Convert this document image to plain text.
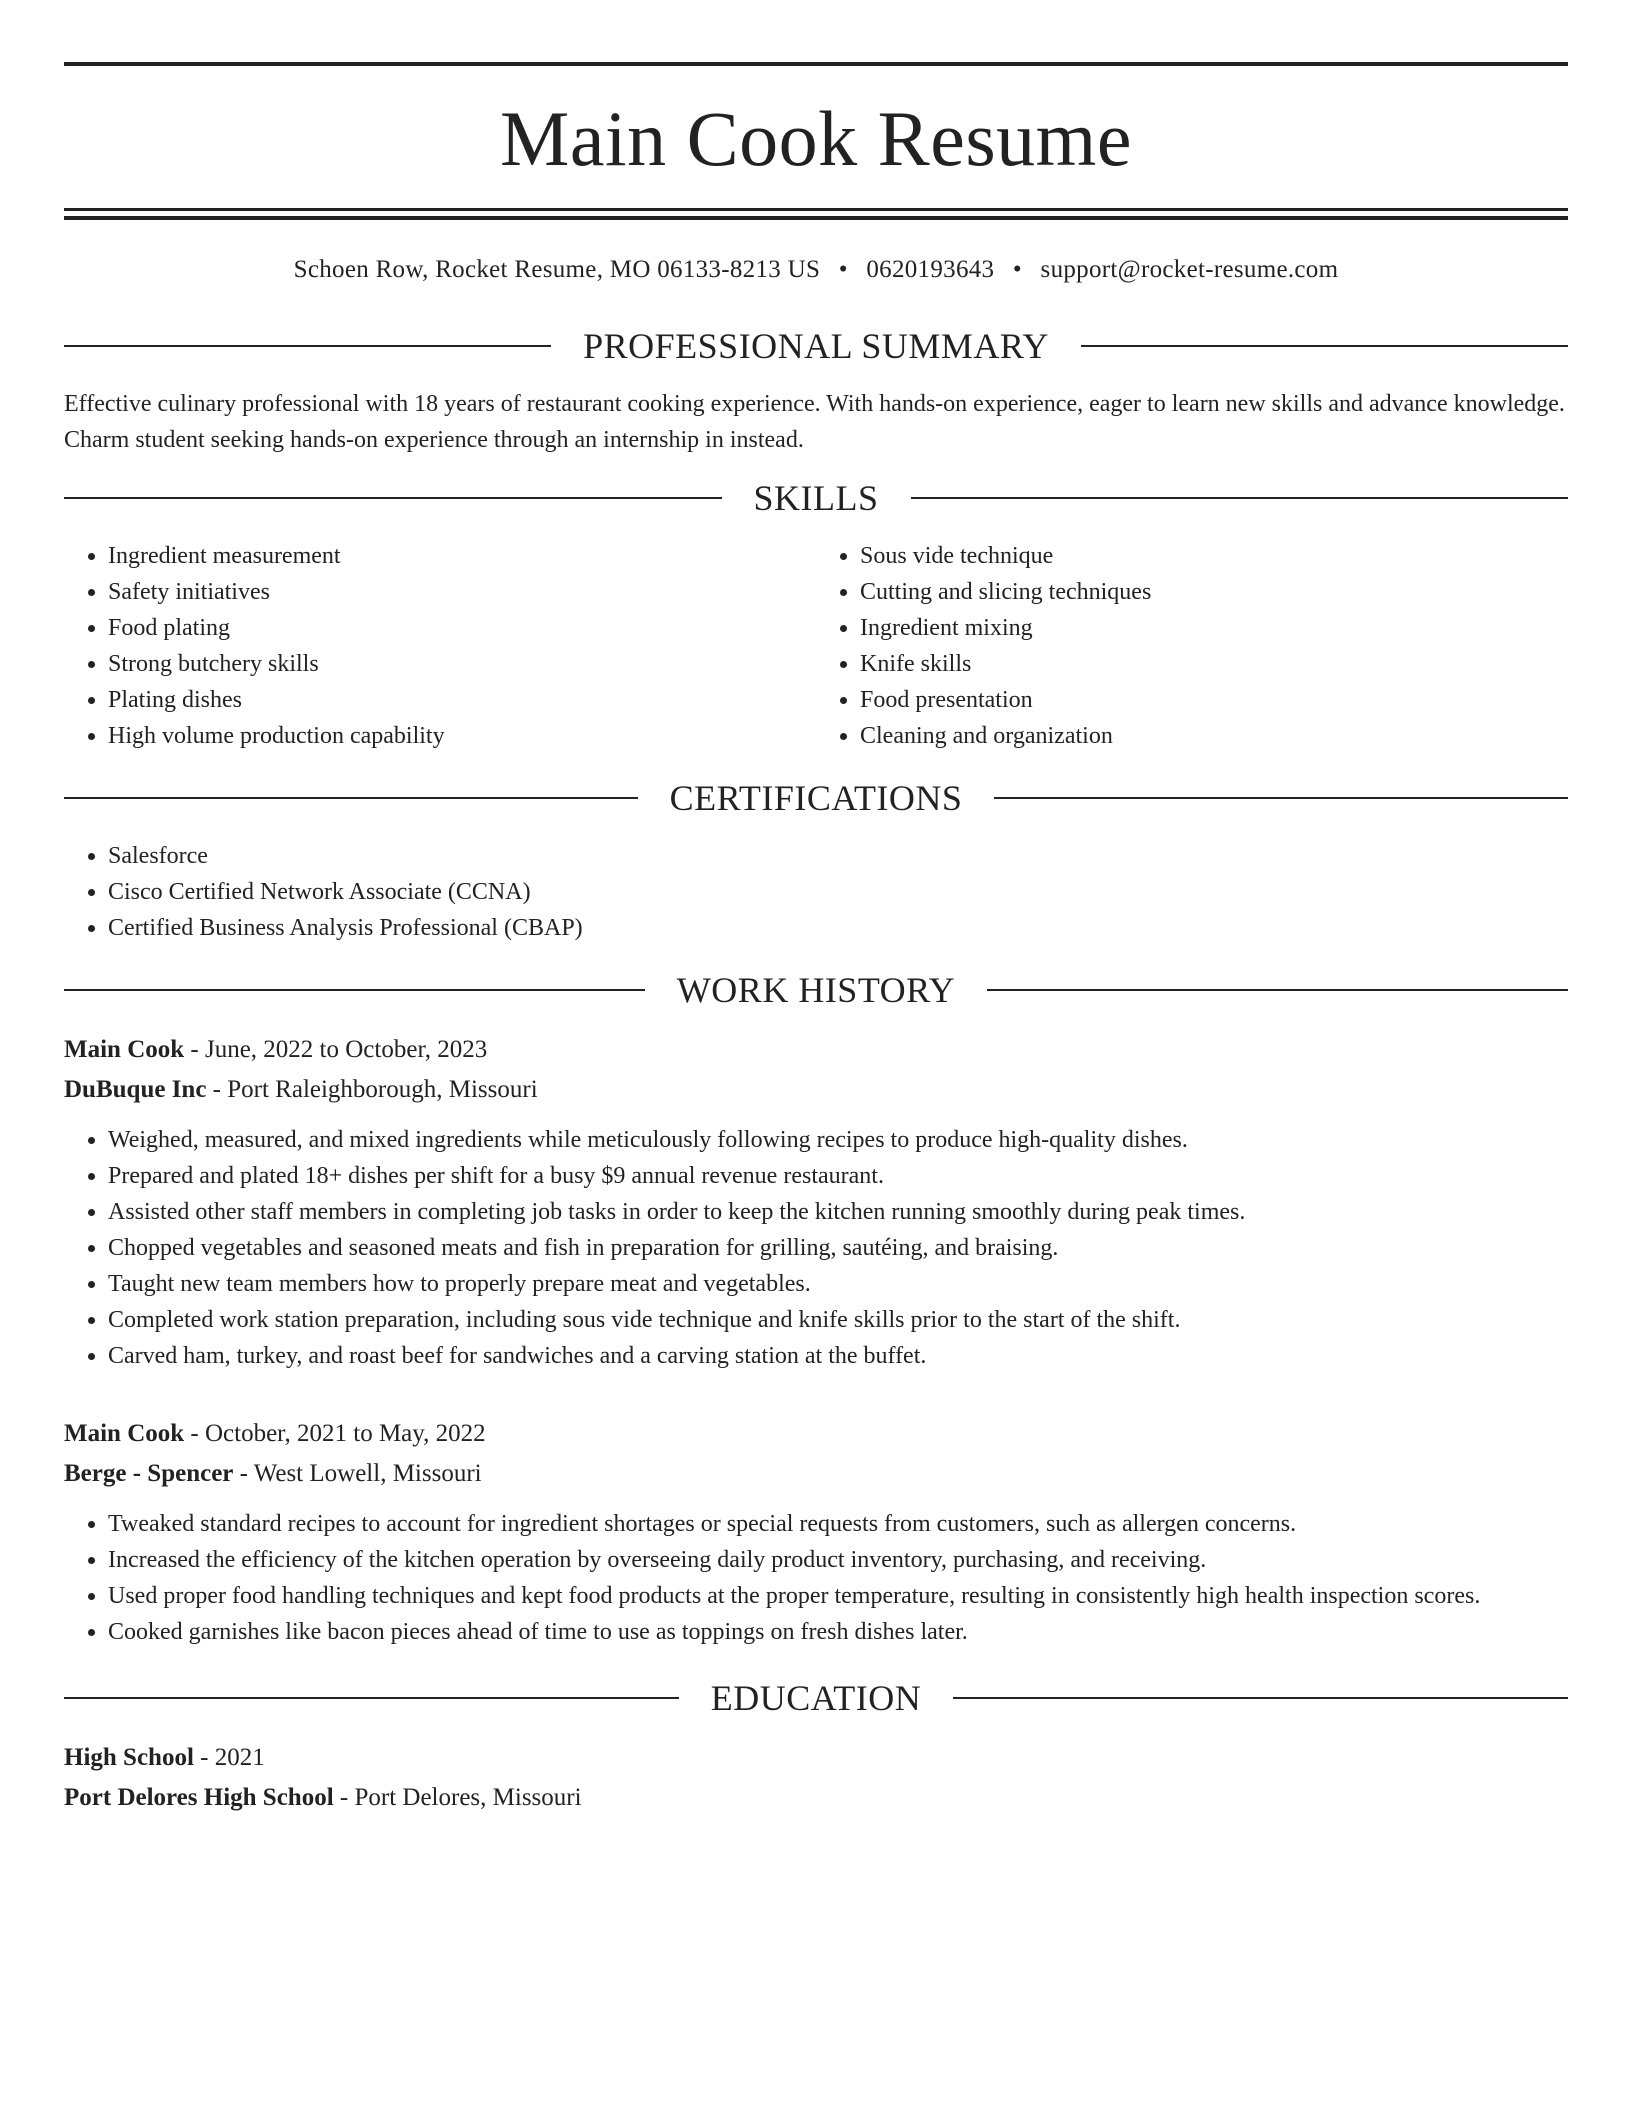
Main Cook Resume
Schoen Row, Rocket Resume, MO 06133-8213 US • 0620193643 • support@rocket-resume.com
PROFESSIONAL SUMMARY

Effective culinary professional with 18 years of restaurant cooking experience. With hands-on experience, eager to learn new skills and advance knowledge. Charm student seeking hands-on experience through an internship in instead.

SKILLS
• Ingredient measurement
• Safety initiatives
• Food plating
• Strong butchery skills
• Plating dishes
• High volume production capability
• Sous vide technique
• Cutting and slicing techniques
• Ingredient mixing
• Knife skills
• Food presentation
• Cleaning and organization
CERTIFICATIONS
• Salesforce
• Cisco Certified Network Associate (CCNA)
• Certified Business Analysis Professional (CBAP)
WORK HISTORY
Main Cook - June, 2022 to October, 2023
DuBuque Inc - Port Raleighborough, Missouri
• Weighed, measured, and mixed ingredients while meticulously following recipes to produce high-quality dishes.
• Prepared and plated 18+ dishes per shift for a busy $9 annual revenue restaurant.
• Assisted other staff members in completing job tasks in order to keep the kitchen running smoothly during peak times.
• Chopped vegetables and seasoned meats and fish in preparation for grilling, sautéing, and braising.
• Taught new team members how to properly prepare meat and vegetables.
• Completed work station preparation, including sous vide technique and knife skills prior to the start of the shift.
• Carved ham, turkey, and roast beef for sandwiches and a carving station at the buffet.
Main Cook - October, 2021 to May, 2022
Berge - Spencer - West Lowell, Missouri
• Tweaked standard recipes to account for ingredient shortages or special requests from customers, such as allergen concerns.
• Increased the efficiency of the kitchen operation by overseeing daily product inventory, purchasing, and receiving.
• Used proper food handling techniques and kept food products at the proper temperature, resulting in consistently high health inspection scores.
• Cooked garnishes like bacon pieces ahead of time to use as toppings on fresh dishes later.
EDUCATION
High School - 2021
Port Delores High School - Port Delores, Missouri
